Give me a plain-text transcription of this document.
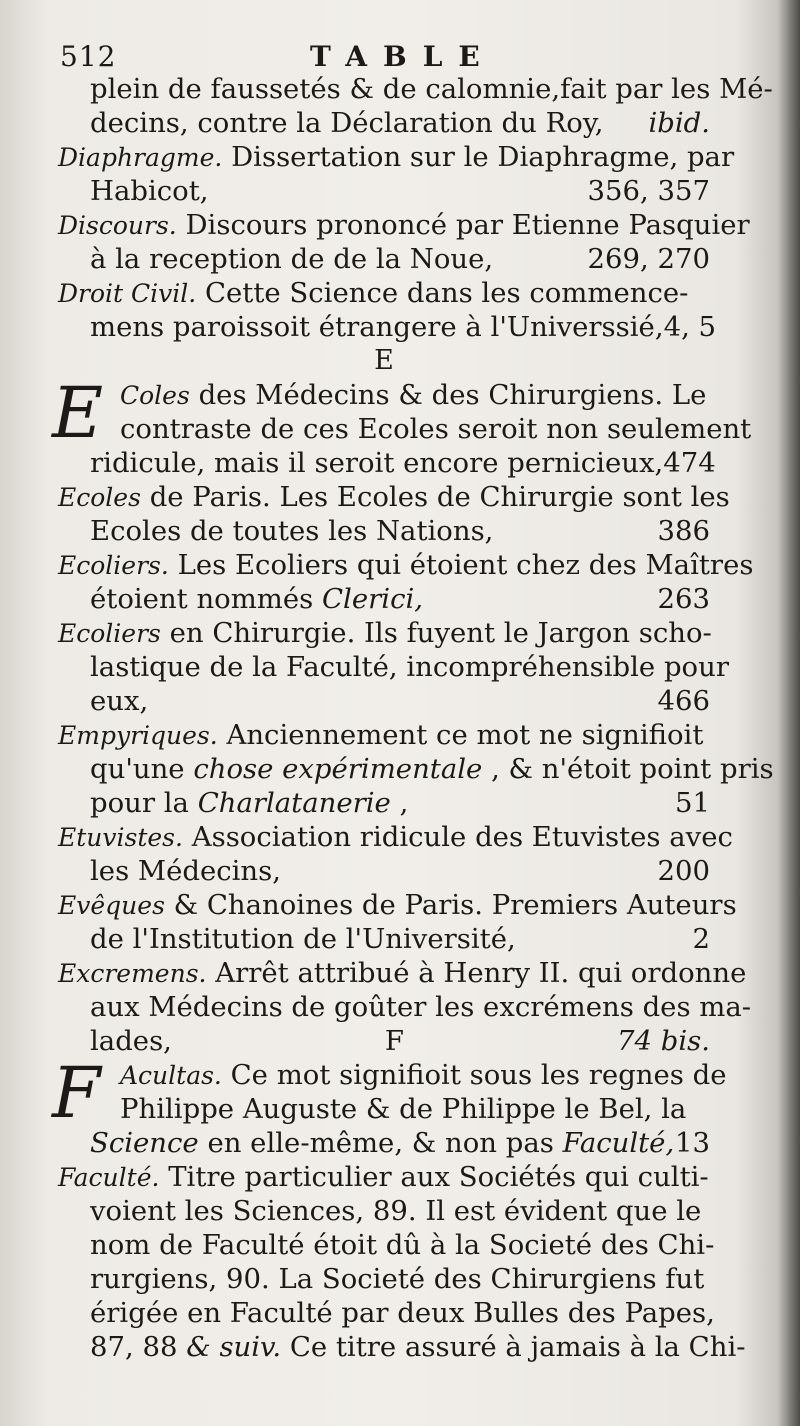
512	TABLE
plein de faussetés & de calomnie,fait par les Mé-
decins, contre la Déclaration du Roy, ibid.
Diaphragme. Dissertation sur le Diaphragme, par
Habicot,	356, 357
Discours. Discours prononcé par Etienne Pasquier
à la reception de de la Noue,	269, 270
Droit Civil. Cette Science dans les commence-
mens paroissoit étrangere à l'Universsié, 4, 5
E
E Coles des Médecins & des Chirurgiens. Le
contraste de ces Ecoles seroit non seulement
ridicule, mais il seroit encore pernicieux, 474
Ecoles de Paris. Les Ecoles de Chirurgie sont les
Ecoles de toutes les Nations,	386
Ecoliers. Les Ecoliers qui étoient chez des Maîtres
étoient nommés Clerici,	263
Ecoliers en Chirurgie. Ils fuyent le Jargon scho-
lastique de la Faculté, incompréhensible pour
eux,	466
Empyriques. Anciennement ce mot ne signifioit
qu'une chose expérimentale , & n'étoit point pris
pour la Charlatanerie ,	51
Etuvistes. Association ridicule des Etuvistes avec
les Médecins,	200
Evêques & Chanoines de Paris. Premiers Auteurs
de l'Institution de l'Université,	2
Excremens. Arrêt attribué à Henry II. qui ordonne
aux Médecins de goûter les excrémens des ma-
lades,	F	74 bis.
F Acultas. Ce mot signifioit sous les regnes de
Philippe Auguste & de Philippe le Bel, la
Science en elle-même, & non pas Faculté, 13
Faculté. Titre particulier aux Sociétés qui culti-
voient les Sciences, 89. Il est évident que le
nom de Faculté étoit dû à la Societé des Chi-
rurgiens, 90. La Societé des Chirurgiens fut
érigée en Faculté par deux Bulles des Papes,
87, 88 & suiv. Ce titre assuré à jamais à la Chi-
